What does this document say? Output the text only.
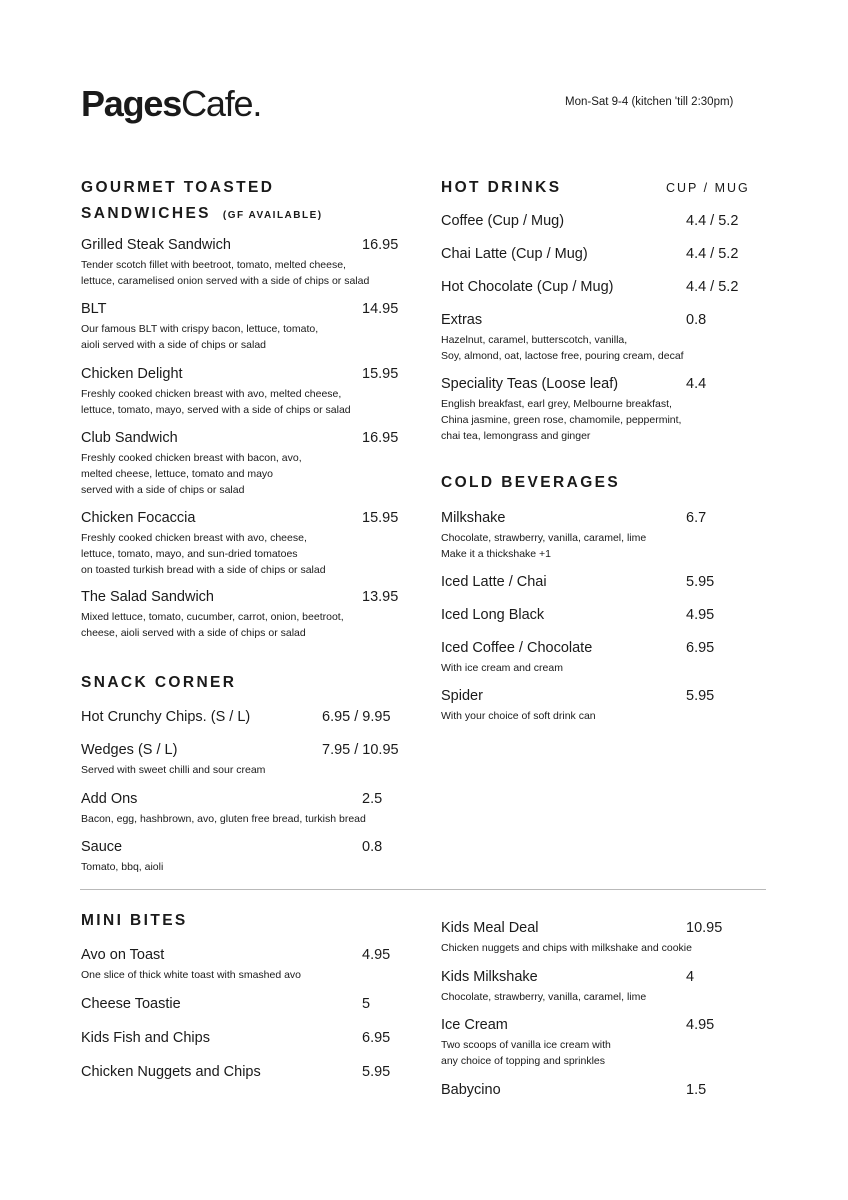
PagesCafe.	Mon-Sat 9-4 (kitchen 'till 2:30pm)
GOURMET TOASTED
SANDWICHES (GF AVAILABLE)
SNACK CORNER
HOT DRINKS	CUP / MUG
COLD BEVERAGES
MINI BITES
Grilled Steak Sandwich	16.95
Tender scotch fillet with beetroot, tomato, melted cheese,
lettuce, caramelised onion served with a side of chips or salad
BLT	14.95
Our famous BLT with crispy bacon, lettuce, tomato,
aioli served with a side of chips or salad
Chicken Delight	15.95
Freshly cooked chicken breast with avo, melted cheese,
lettuce, tomato, mayo, served with a side of chips or salad
Club Sandwich	16.95
Freshly cooked chicken breast with bacon, avo,
melted cheese, lettuce, tomato and mayo
served with a side of chips or salad
Chicken Focaccia	15.95
Freshly cooked chicken breast with avo, cheese,
lettuce, tomato, mayo, and sun-dried tomatoes
on toasted turkish bread with a side of chips or salad
The Salad Sandwich	13.95
Mixed lettuce, tomato, cucumber, carrot, onion, beetroot,
cheese, aioli served with a side of chips or salad
Hot Crunchy Chips. (S / L)	6.95 / 9.95
Wedges (S / L)	7.95 / 10.95
Served with sweet chilli and sour cream
Add Ons	2.5
Bacon, egg, hashbrown, avo, gluten free bread, turkish bread
Sauce	0.8
Tomato, bbq, aioli
Coffee (Cup / Mug)	4.4 / 5.2
Chai Latte (Cup / Mug)	4.4 / 5.2
Hot Chocolate (Cup / Mug)	4.4 / 5.2
Extras	0.8
Hazelnut, caramel, butterscotch, vanilla,
Soy, almond, oat, lactose free, pouring cream, decaf
Speciality Teas (Loose leaf)	4.4
English breakfast, earl grey, Melbourne breakfast,
China jasmine, green rose, chamomile, peppermint,
chai tea, lemongrass and ginger
Milkshake	6.7
Chocolate, strawberry, vanilla, caramel, lime
Make it a thickshake +1
Iced Latte / Chai	5.95
Iced Long Black	4.95
Iced Coffee / Chocolate	6.95
With ice cream and cream
Spider	5.95
With your choice of soft drink can
Avo on Toast	4.95
One slice of thick white toast with smashed avo
Cheese Toastie	5
Kids Fish and Chips	6.95
Chicken Nuggets and Chips	5.95
Kids Meal Deal	10.95
Chicken nuggets and chips with milkshake and cookie
Kids Milkshake	4
Chocolate, strawberry, vanilla, caramel, lime
Ice Cream	4.95
Two scoops of vanilla ice cream with
any choice of topping and sprinkles
Babycino	1.5
